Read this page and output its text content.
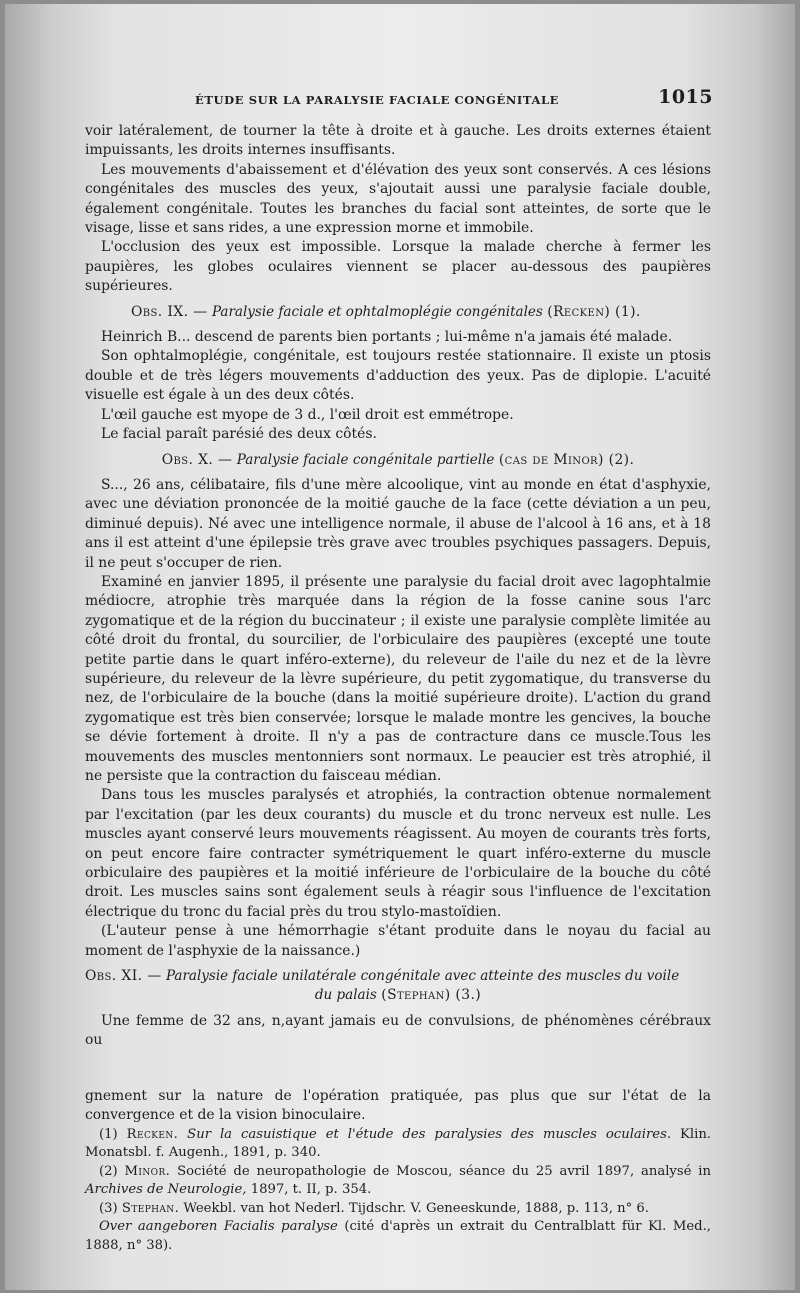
ÉTUDE SUR LA PARALYSIE FACIALE CONGÉNITALE	1015

voir latéralement, de tourner la tête à droite et à gauche. Les droits externes étaient impuissants, les droits internes insuffisants.

Les mouvements d'abaissement et d'élévation des yeux sont conservés. A ces lésions congénitales des muscles des yeux, s'ajoutait aussi une paralysie faciale double, également congénitale. Toutes les branches du facial sont atteintes, de sorte que le visage, lisse et sans rides, a une expression morne et immobile.

L'occlusion des yeux est impossible. Lorsque la malade cherche à fermer les paupières, les globes oculaires viennent se placer au-dessous des paupières supérieures.

Obs. IX. — Paralysie faciale et ophtalmoplégie congénitales (Recken) (1).

Heinrich B... descend de parents bien portants ; lui-même n'a jamais été malade.

Son ophtalmoplégie, congénitale, est toujours restée stationnaire. Il existe un ptosis double et de très légers mouvements d'adduction des yeux. Pas de diplopie. L'acuité visuelle est égale à un des deux côtés.

L'œil gauche est myope de 3 d., l'œil droit est emmétrope.

Le facial paraît parésié des deux côtés.

Obs. X. — Paralysie faciale congénitale partielle (cas de Minor) (2).

S..., 26 ans, célibataire, fils d'une mère alcoolique, vint au monde en état d'asphyxie, avec une déviation prononcée de la moitié gauche de la face (cette déviation a un peu, diminué depuis). Né avec une intelligence normale, il abuse de l'alcool à 16 ans, et à 18 ans il est atteint d'une épilepsie très grave avec troubles psychiques passagers. Depuis, il ne peut s'occuper de rien.

Examiné en janvier 1895, il présente une paralysie du facial droit avec lagophtalmie médiocre, atrophie très marquée dans la région de la fosse canine sous l'arc zygomatique et de la région du buccinateur ; il existe une paralysie complète limitée au côté droit du frontal, du sourcilier, de l'orbiculaire des paupières (excepté une toute petite partie dans le quart inféro-externe), du releveur de l'aile du nez et de la lèvre supérieure, du releveur de la lèvre supérieure, du petit zygomatique, du transverse du nez, de l'orbiculaire de la bouche (dans la moitié supérieure droite). L'action du grand zygomatique est très bien conservée; lorsque le malade montre les gencives, la bouche se dévie fortement à droite. Il n'y a pas de contracture dans ce muscle.Tous les mouvements des muscles mentonniers sont normaux. Le peaucier est très atrophié, il ne persiste que la contraction du faisceau médian.

Dans tous les muscles paralysés et atrophiés, la contraction obtenue normalement par l'excitation (par les deux courants) du muscle et du tronc nerveux est nulle. Les muscles ayant conservé leurs mouvements réagissent. Au moyen de courants très forts, on peut encore faire contracter symétriquement le quart inféro-externe du muscle orbiculaire des paupières et la moitié inférieure de l'orbiculaire de la bouche du côté droit. Les muscles sains sont également seuls à réagir sous l'influence de l'excitation électrique du tronc du facial près du trou stylo-mastoïdien.

(L'auteur pense à une hémorrhagie s'étant produite dans le noyau du facial au moment de l'asphyxie de la naissance.)

Obs. XI. — Paralysie faciale unilatérale congénitale avec atteinte des muscles du voile

du palais (Stephan) (3.)

Une femme de 32 ans, n,ayant jamais eu de convulsions, de phénomènes cérébraux ou

gnement sur la nature de l'opération pratiquée, pas plus que sur l'état de la convergence et de la vision binoculaire.

(1) Recken. Sur la casuistique et l'étude des paralysies des muscles oculaires. Klin. Monatsbl. f. Augenh., 1891, p. 340.

(2) Minor. Société de neuropathologie de Moscou, séance du 25 avril 1897, analysé in Archives de Neurologie, 1897, t. II, p. 354.

(3) Stephan. Weekbl. van hot Nederl. Tijdschr. V. Geneeskunde, 1888, p. 113, n° 6.

Over aangeboren Facialis paralyse (cité d'après un extrait du Centralblatt für Kl. Med., 1888, n° 38).
